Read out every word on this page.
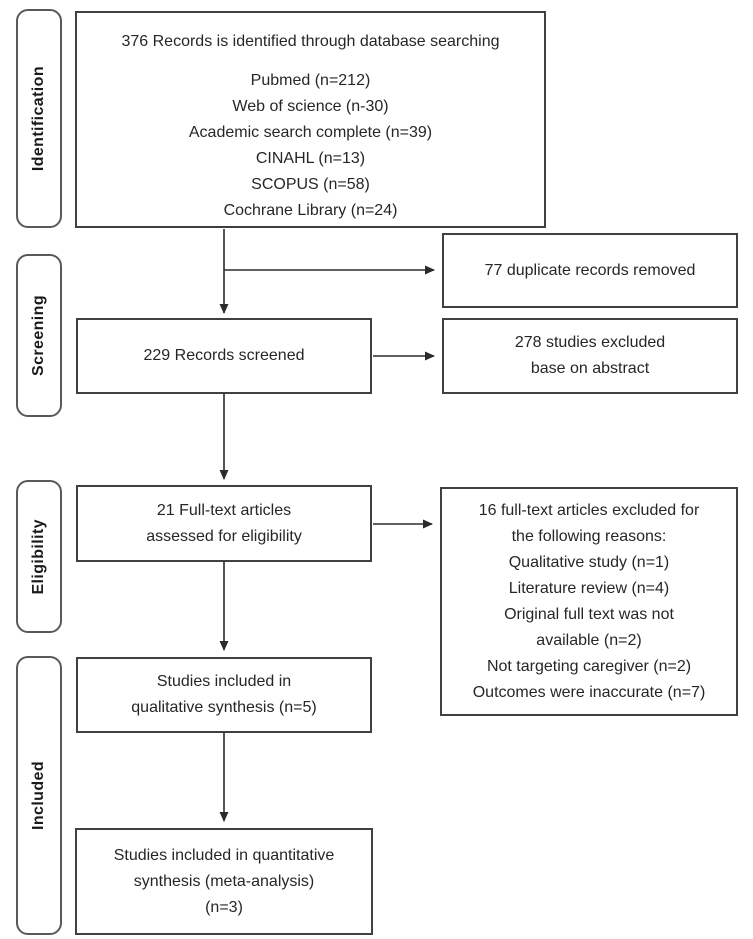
Identification
Screening
Eligibility
Included
376 Records is identified through database searching
Pubmed (n=212)
Web of science (n-30)
Academic search complete (n=39)
CINAHL (n=13)
SCOPUS (n=58)
Cochrane Library (n=24)
77 duplicate records removed
229 Records screened
278 studies excluded
base on abstract
21 Full-text articles
assessed for eligibility
16 full-text articles excluded for
the following reasons:
Qualitative study (n=1)
Literature review (n=4)
Original full text was not
available (n=2)
Not targeting caregiver (n=2)
Outcomes were inaccurate (n=7)
Studies included in
qualitative synthesis (n=5)
Studies included in quantitative
synthesis (meta-analysis)
(n=3)
